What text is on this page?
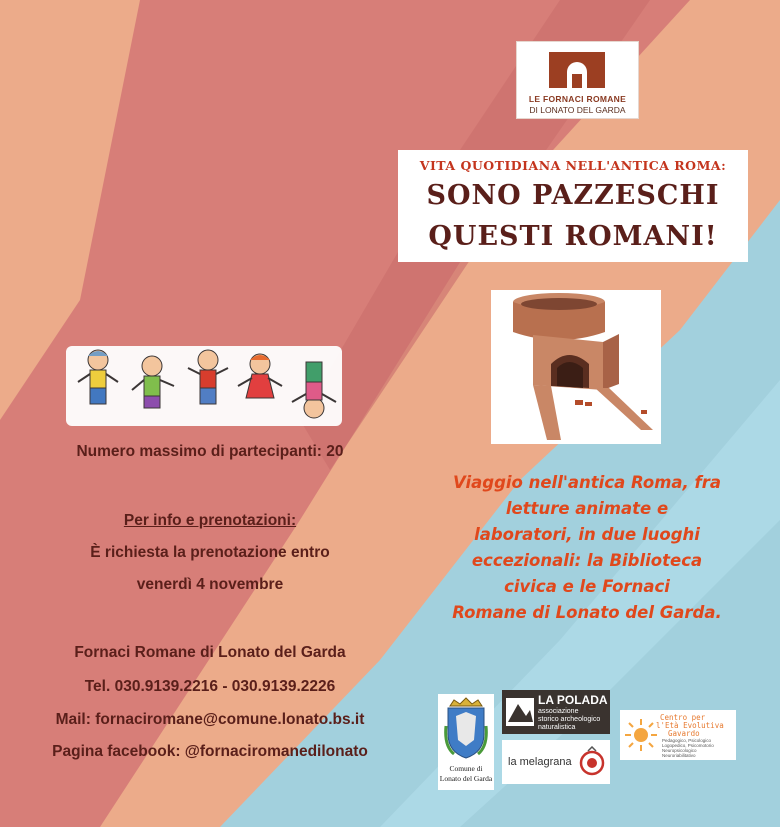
LE FORNACI ROMANE
DI LONATO DEL GARDA
VITA QUOTIDIANA NELL'ANTICA ROMA:
SONO PAZZESCHI
QUESTI ROMANI!
Numero massimo di partecipanti: 20
Per info e prenotazioni:
È richiesta la prenotazione entro
venerdì 4 novembre
Fornaci Romane di Lonato del Garda
Tel. 030.9139.2216 - 030.9139.2226
Mail: fornaciromane@comune.lonato.bs.it
Pagina facebook: @fornaciromanedilonato
Viaggio nell'antica Roma, fra
letture animate e
laboratori, in due luoghi
eccezionali: la Biblioteca
civica e le Fornaci
Romane di Lonato del Garda.
Comune di
Lonato del Garda
LA POLADA
associazione
storico archeologico
naturalistica
la melagrana
Centro per
l'Età Evolutiva
Gavardo
Pedagogico, Psicologico
Logopedico, Psicomotorio
Neuropsicologico
Neuroriabilitativo
